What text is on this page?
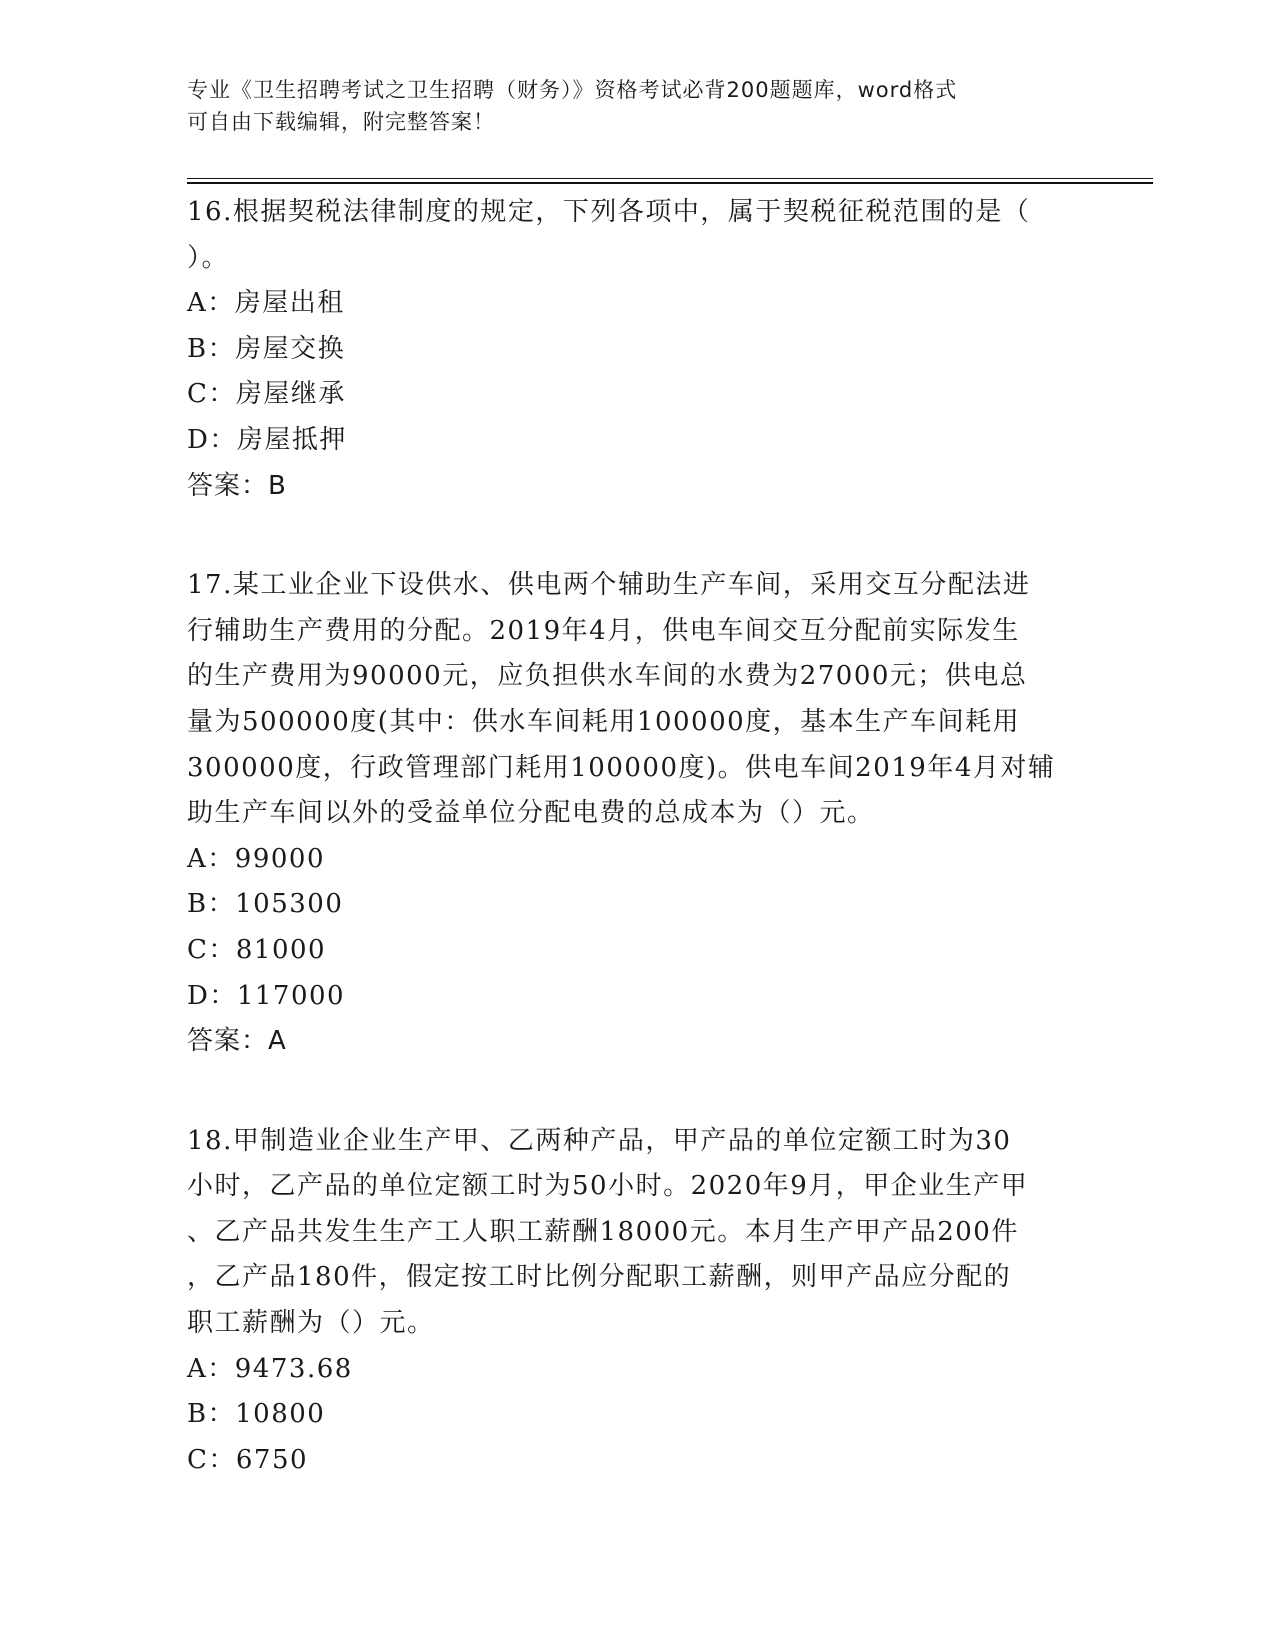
专业《卫生招聘考试之卫生招聘（财务）》资格考试必背200题题库，word格式
可自由下载编辑，附完整答案！
16.根据契税法律制度的规定，下列各项中，属于契税征税范围的是（
）。
A：房屋出租
B：房屋交换
C：房屋继承
D：房屋抵押
答案：B
17.某工业企业下设供水、供电两个辅助生产车间，采用交互分配法进
行辅助生产费用的分配。2019年4月，供电车间交互分配前实际发生
的生产费用为90000元，应负担供水车间的水费为27000元；供电总
量为500000度(其中：供水车间耗用100000度，基本生产车间耗用
300000度，行政管理部门耗用100000度)。供电车间2019年4月对辅
助生产车间以外的受益单位分配电费的总成本为（）元。
A：99000
B：105300
C：81000
D：117000
答案：A
18.甲制造业企业生产甲、乙两种产品，甲产品的单位定额工时为30
小时，乙产品的单位定额工时为50小时。2020年9月，甲企业生产甲
、乙产品共发生生产工人职工薪酬18000元。本月生产甲产品200件
，乙产品180件，假定按工时比例分配职工薪酬，则甲产品应分配的
职工薪酬为（）元。
A：9473.68
B：10800
C：6750
